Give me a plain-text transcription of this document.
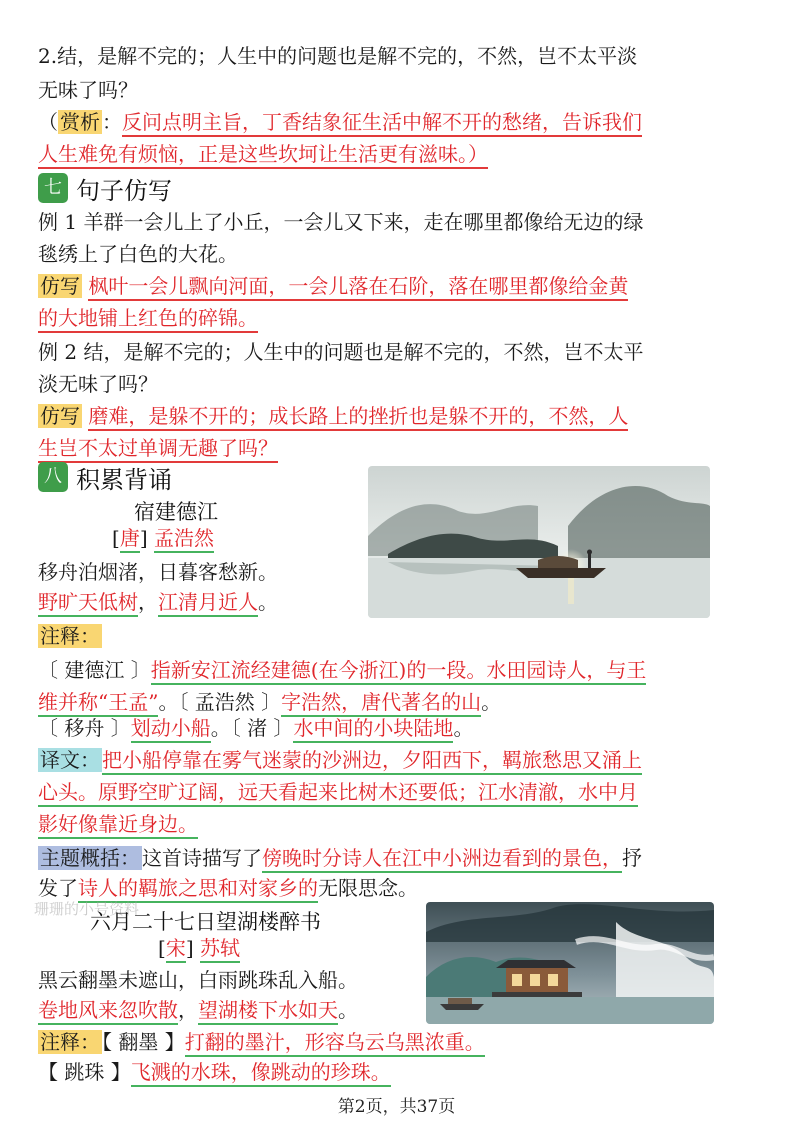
2.结，是解不完的；人生中的问题也是解不完的，不然，岂不太平淡
无味了吗？
（ 赏析 ：反问点明主旨，丁香结象征生活中解不开的愁绪，告诉我们
人生难免有烦恼，正是这些坎坷让生活更有滋味。）
七 句子仿写
例 1 羊群一会儿上了小丘，一会儿又下来，走在哪里都像给无边的绿
毯绣上了白色的大花。
仿写 枫叶一会儿飘向河面，一会儿落在石阶，落在哪里都像给金黄
的大地铺上红色的碎锦。
例 2 结，是解不完的；人生中的问题也是解不完的，不然，岂不太平
淡无味了吗？
仿写 磨难，是躲不开的；成长路上的挫折也是躲不开的，不然，人
生岂不太过单调无趣了吗？
八 积累背诵
宿建德江
[唐] 孟浩然
移舟泊烟渚，日暮客愁新。
野旷天低树，江清月近人。
注释：
〔 建德江 〕指新安江流经建德(在今浙江)的一段。水田园诗人，与王
维并称“王孟”。〔 孟浩然 〕字浩然，唐代著名的山。
〔 移舟 〕划动小船。〔 渚 〕水中间的小块陆地。
译文： 把小船停靠在雾气迷蒙的沙洲边，夕阳西下，羁旅愁思又涌上
心头。原野空旷辽阔，远天看起来比树木还要低；江水清澈，水中月
影好像靠近身边。
主题概括： 这首诗描写了傍晚时分诗人在江中小洲边看到的景色，抒
发了诗人的羁旅之思和对家乡的无限思念。
珊珊的小号资料
六月二十七日望湖楼醉书
[宋] 苏轼
黑云翻墨未遮山，白雨跳珠乱入船。
卷地风来忽吹散，望湖楼下水如天。
注释： 【 翻墨 】打翻的墨汁，形容乌云乌黑浓重。
【 跳珠 】飞溅的水珠，像跳动的珍珠。
第2页，共37页
